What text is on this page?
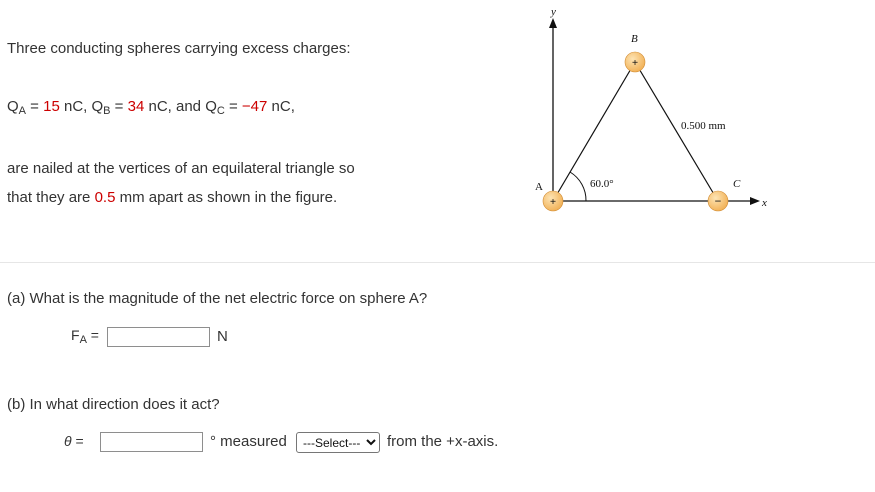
Three conducting spheres carrying excess charges:
$Q_A = 15$ nC, $Q_B = 34$ nC, and $Q_C = -47$ nC,
are nailed at the vertices of an equilateral triangle so
that they are 0.5 mm apart as shown in the figure.
(a) What is the magnitude of the net electric force on sphere A?
$F_A$ =	N
(b) In what direction does it act?
θ =	° measured
---Select---	from the +x-axis.
y
x
60.0°
0.500 mm
+
+
−
A
B
C
